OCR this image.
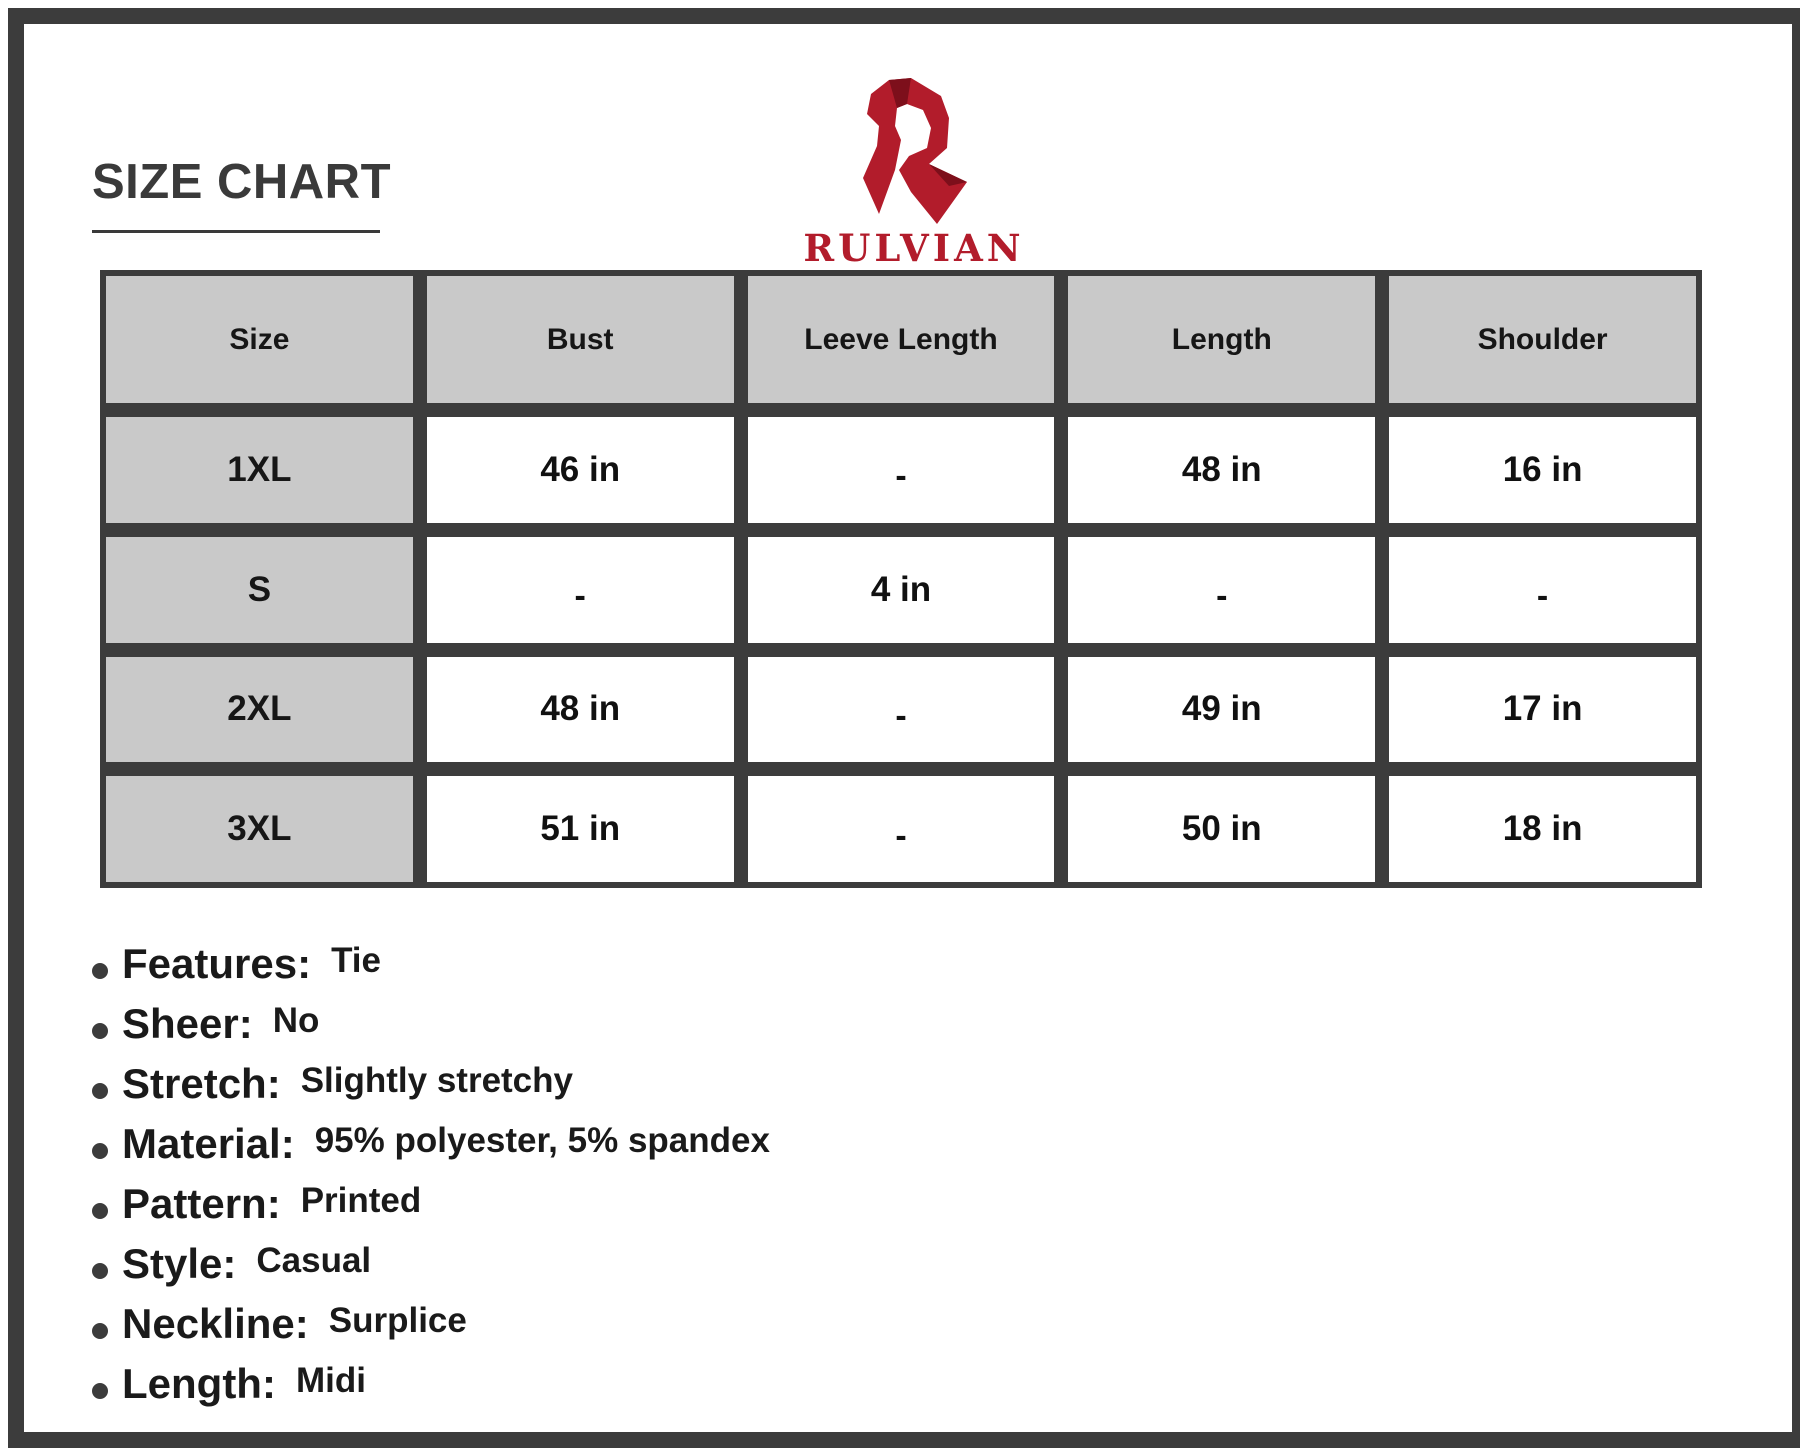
SIZE CHART
RULVIAN
Size	Bust	Leeve Length	Length	Shoulder
1XL	46 in	-	48 in	16 in
S	-	4 in	-	-
2XL	48 in	-	49 in	17 in
3XL	51 in	-	50 in	18 in
Features: Tie
Sheer: No
Stretch: Slightly stretchy
Material: 95% polyester, 5% spandex
Pattern: Printed
Style: Casual
Neckline: Surplice
Length: Midi
